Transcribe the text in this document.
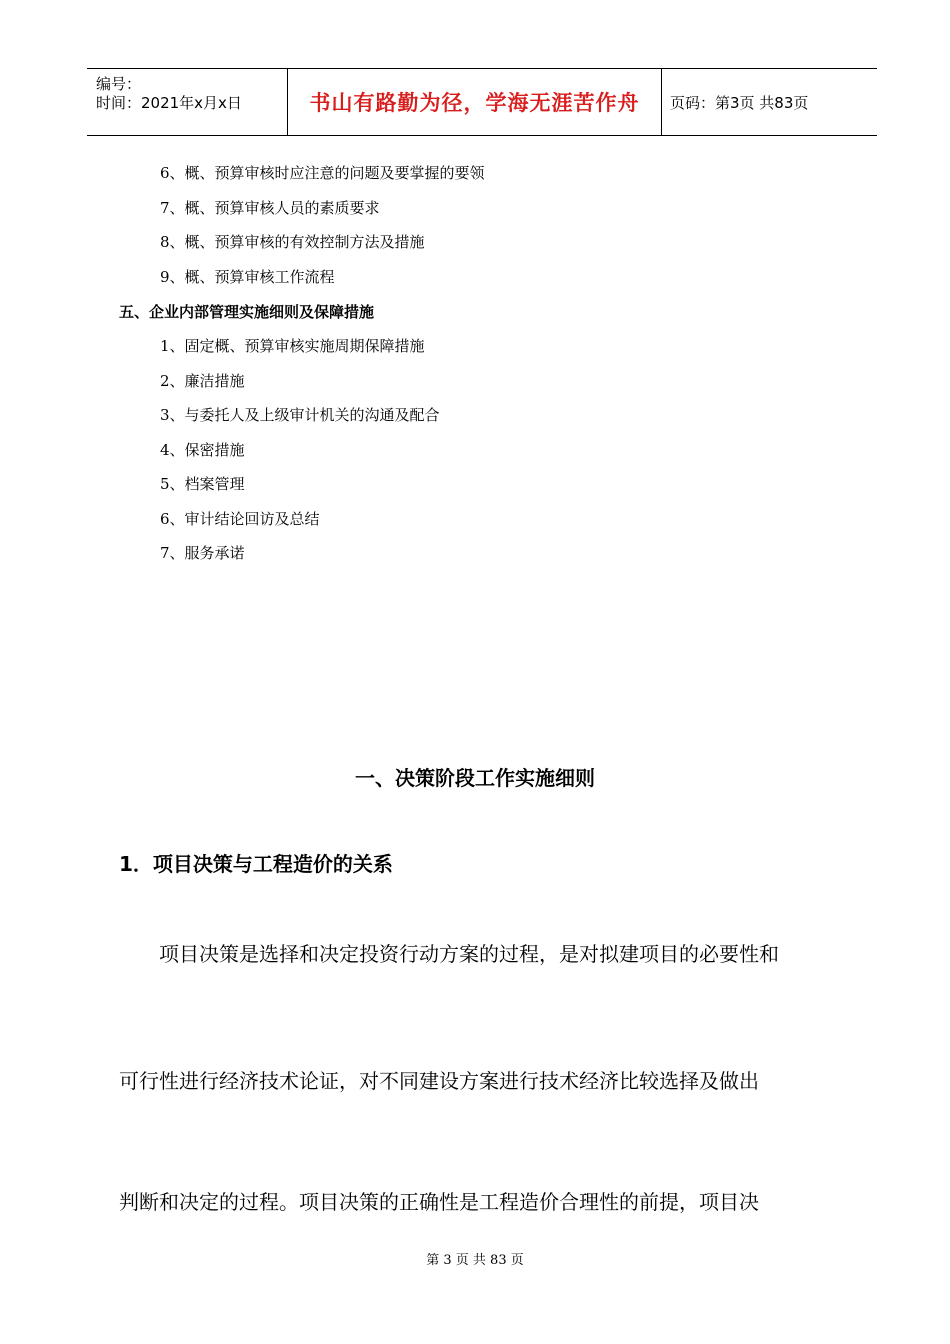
编号：
时间：2021年x月x日	书山有路勤为径，学海无涯苦作舟 页码：第3页 共83页
6、概、预算审核时应注意的问题及要掌握的要领
7、概、预算审核人员的素质要求
8、概、预算审核的有效控制方法及措施
9、概、预算审核工作流程
五、企业内部管理实施细则及保障措施
1、固定概、预算审核实施周期保障措施
2、廉洁措施
3、与委托人及上级审计机关的沟通及配合
4、保密措施
5、档案管理
6、审计结论回访及总结
7、服务承诺
一、决策阶段工作实施细则
1．项目决策与工程造价的关系
　　项目决策是选择和决定投资行动方案的过程，是对拟建项目的必要性和
可行性进行经济技术论证，对不同建设方案进行技术经济比较选择及做出
判断和决定的过程。项目决策的正确性是工程造价合理性的前提，项目决
第 3 页 共 83 页
